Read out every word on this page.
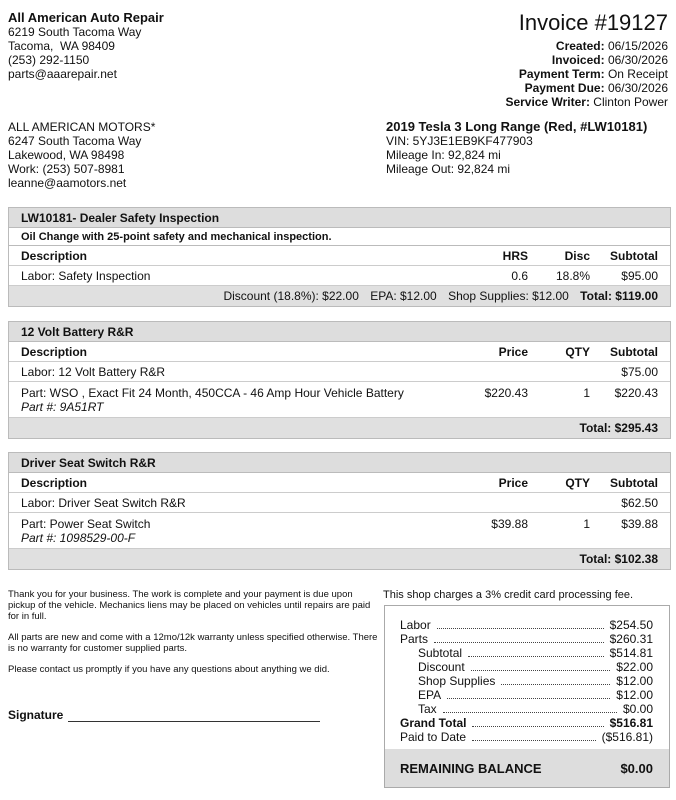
All American Auto Repair
6219 South Tacoma Way
Tacoma,  WA 98409
(253) 292-1150
parts@aaarepair.net
Invoice #19127
Created: 06/15/2026
Invoiced: 06/30/2026
Payment Term: On Receipt
Payment Due: 06/30/2026
Service Writer: Clinton Power
ALL AMERICAN MOTORS*
6247 South Tacoma Way
Lakewood, WA 98498
Work: (253) 507-8981
leanne@aamotors.net
2019 Tesla 3 Long Range (Red, #LW10181)
VIN: 5YJ3E1EB9KF477903
Mileage In: 92,824 mi
Mileage Out: 92,824 mi
LW10181- Dealer Safety Inspection
Oil Change with 25-point safety and mechanical inspection.
Description	HRS	Disc	Subtotal
Labor: Safety Inspection	0.6	18.8%	$95.00
Discount (18.8%): $22.00 EPA: $12.00 Shop Supplies: $12.00 Total: $119.00
12 Volt Battery R&R
Description	Price	QTY	Subtotal
Labor: 12 Volt Battery R&R	$75.00
Part: WSO , Exact Fit 24 Month, 450CCA - 46 Amp Hour Vehicle Battery
Part #: 9A51RT
$220.43	1	$220.43
Total: $295.43
Driver Seat Switch R&R
Description	Price	QTY	Subtotal
Labor: Driver Seat Switch R&R	$62.50
Part: Power Seat Switch
Part #: 1098529-00-F
$39.88	1	$39.88
Total: $102.38

Thank you for your business. The work is complete and your payment is due upon pickup of the vehicle. Mechanics liens may be placed on vehicles until repairs are paid for in full.

All parts are new and come with a 12mo/12k warranty unless specified otherwise. There is no warranty for customer supplied parts.

Please contact us promptly if you have any questions about anything we did.

Signature
This shop charges a 3% credit card processing fee.
Labor	$254.50
Parts	$260.31
Subtotal	$514.81
Discount	$22.00
Shop Supplies	$12.00
EPA	$12.00
Tax	$0.00
Grand Total	$516.81
Paid to Date	($516.81)
REMAINING BALANCE	$0.00
